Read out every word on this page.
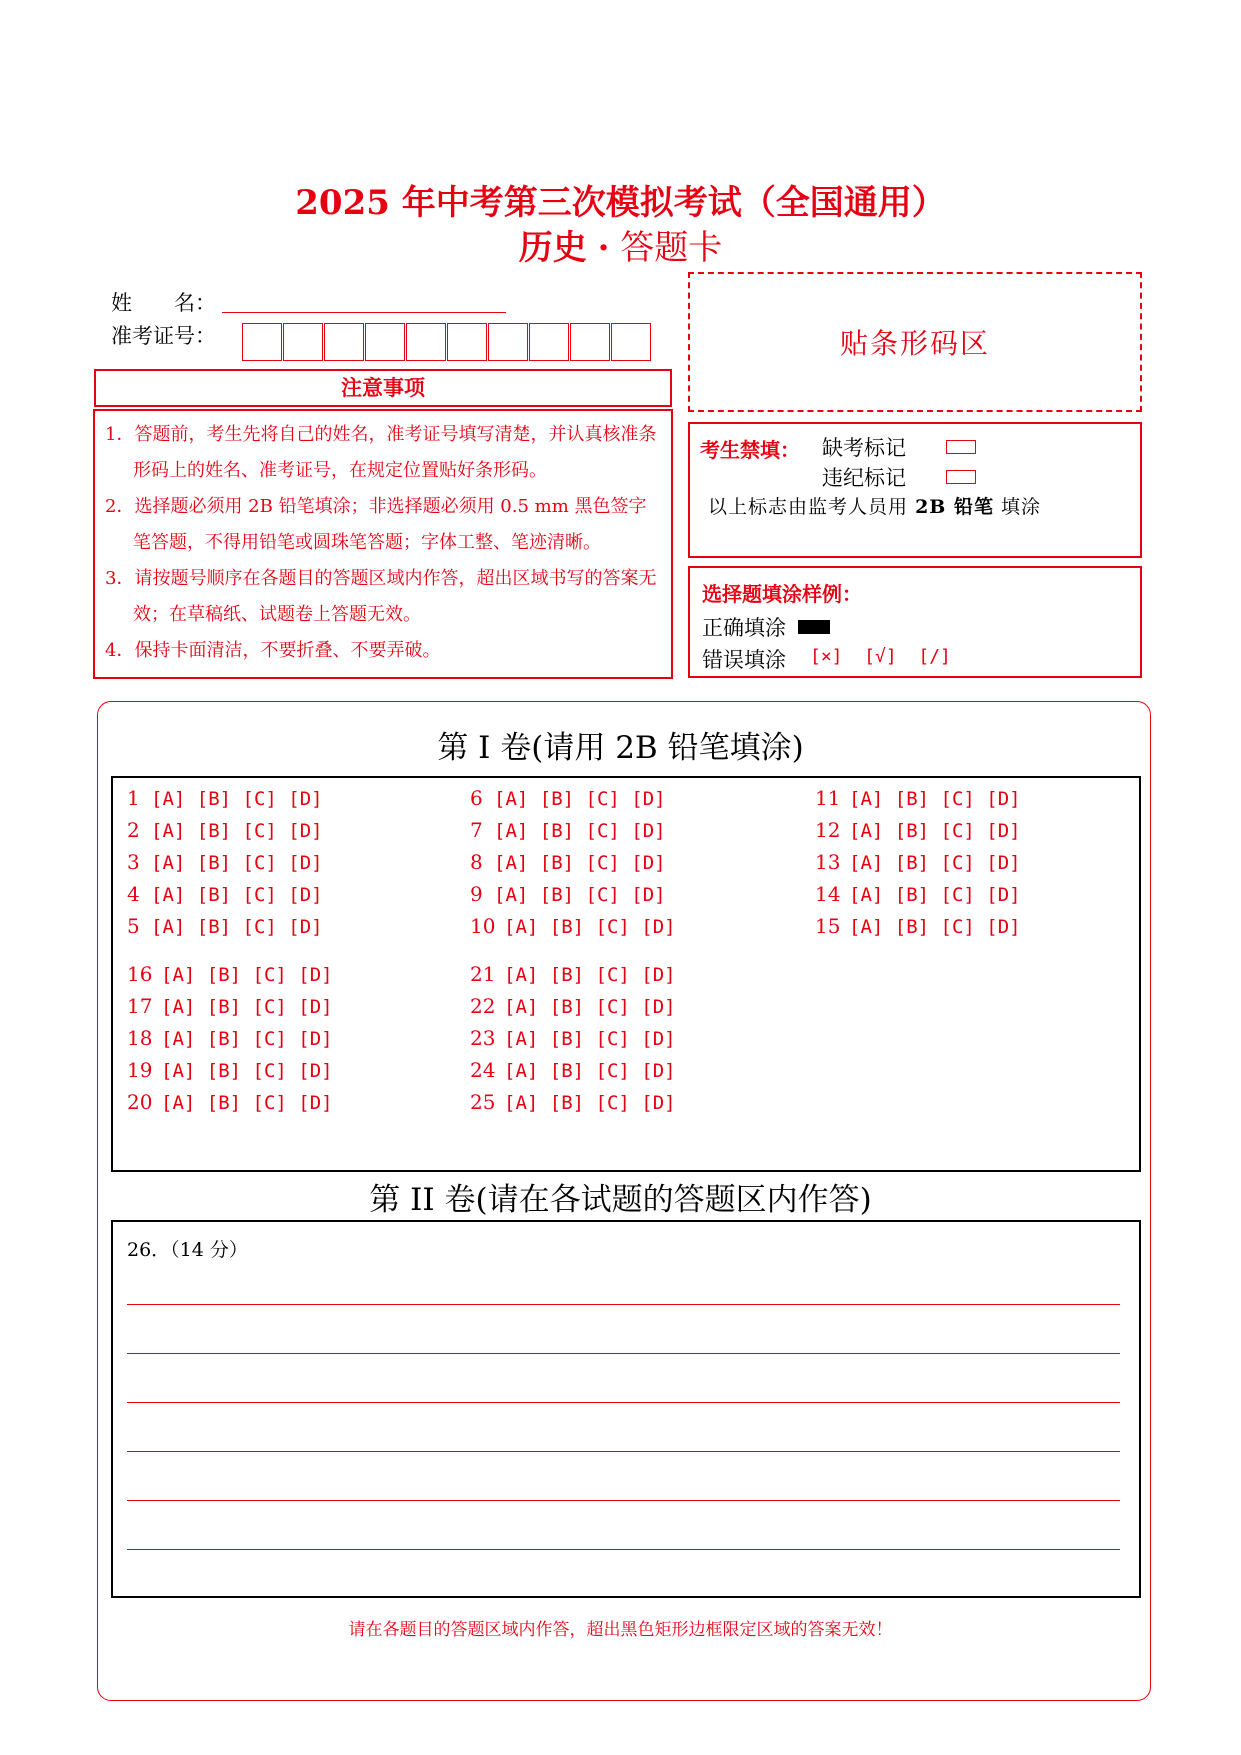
2025 年中考第三次模拟考试（全国通用）
历史 · 答题卡
姓　　名：
准考证号：	贴条形码区
注意事项

1．答题前，考生先将自己的姓名，准考证号填写清楚，并认真核准条形码上的姓名、准考证号，在规定位置贴好条形码。

2．选择题必须用 2B 铅笔填涂；非选择题必须用 0.5 mm 黑色签字笔答题，不得用铅笔或圆珠笔答题；字体工整、笔迹清晰。

3．请按题号顺序在各题目的答题区域内作答，超出区域书写的答案无效；在草稿纸、试题卷上答题无效。

4．保持卡面清洁，不要折叠、不要弄破。

考生禁填： 缺考标记
违纪标记
以上标志由监考人员用 2B 铅笔 填涂
选择题填涂样例：
正确填涂
错误填涂 [×]  [√]  [/]
第 I 卷(请用 2B 铅笔填涂)
1 [A] [B] [C] [D]
2 [A] [B] [C] [D]
3 [A] [B] [C] [D]
4 [A] [B] [C] [D]
5 [A] [B] [C] [D]
6 [A] [B] [C] [D]
7 [A] [B] [C] [D]
8 [A] [B] [C] [D]
9 [A] [B] [C] [D]
10 [A] [B] [C] [D]
11 [A] [B] [C] [D]
12 [A] [B] [C] [D]
13 [A] [B] [C] [D]
14 [A] [B] [C] [D]
15 [A] [B] [C] [D]
16 [A] [B] [C] [D]
17 [A] [B] [C] [D]
18 [A] [B] [C] [D]
19 [A] [B] [C] [D]
20 [A] [B] [C] [D]
21 [A] [B] [C] [D]
22 [A] [B] [C] [D]
23 [A] [B] [C] [D]
24 [A] [B] [C] [D]
25 [A] [B] [C] [D]
第 II 卷(请在各试题的答题区内作答)
26．（14 分）
请在各题目的答题区域内作答，超出黑色矩形边框限定区域的答案无效！
